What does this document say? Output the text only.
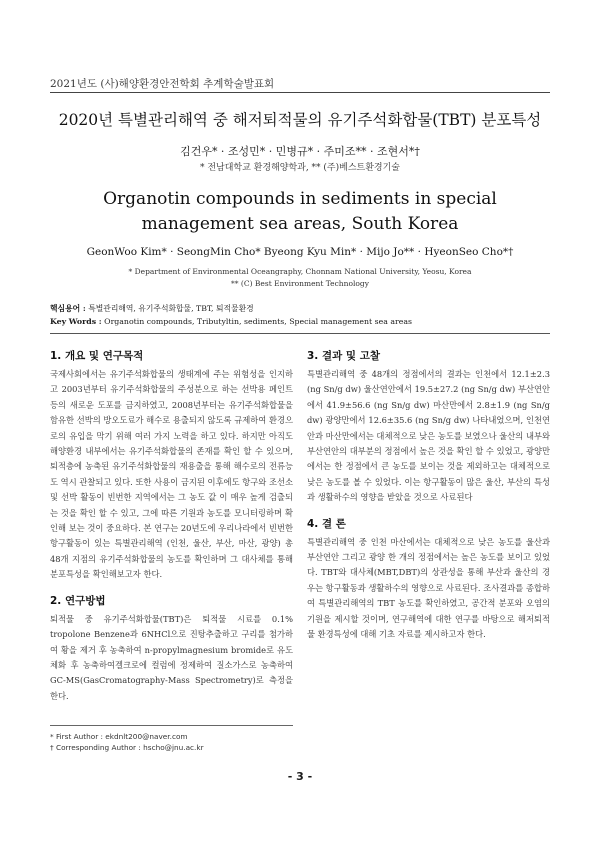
2021년도 (사)해양환경안전학회 추계학술발표회
2020년 특별관리해역 중 해저퇴적물의 유기주석화합물(TBT) 분포특성
김건우* · 조성민* · 민병규* · 주미조** · 조현서*†
* 전남대학교 환경해양학과, ** (주)베스트환경기술
Organotin compounds in sediments in special management sea areas, South Korea
GeonWoo Kim* · SeongMin Cho* Byeong Kyu Min* · Mijo Jo** · HyeonSeo Cho*†
* Department of Environmental Oceangraphy, Chonnam National University, Yeosu, Korea
** (C) Best Environment Technology
핵심용어 : 특별관리해역, 유기주석화합물, TBT, 퇴적물환경
Key Words : Organotin compounds, Tributyltin, sediments, Special management sea areas
1. 개요 및 연구목적

국제사회에서는 유기주석화합물의 생태계에 주는 위험성을 인지하고 2003년부터 유기주석화합물의 주성분으로 하는 선박용 페인트 등의 새로운 도포를 금지하였고, 2008년부터는 유기주석화합물을 함유한 선박의 방오도료가 해수로 용출되지 않도록 규제하여 환경으로의 유입을 막기 위해 여러 가지 노력을 하고 있다. 하지만 아직도 해양환경 내부에서는 유기주석화합물의 존재를 확인 할 수 있으며, 퇴적층에 농축된 유기주석화합물의 재용출을 통해 해수로의 전류능도 역시 관찰되고 있다. 또한 사용이 금지된 이후에도 항구와 조선소 및 선박 활동이 빈번한 지역에서는 그 농도 값 이 매우 높게 검출되는 것을 확인 할 수 있고, 그에 따른 기원과 농도를 모니터링하며 확인해 보는 것이 중요하다. 본 연구는 20년도에 우리나라에서 빈번한 항구활동이 있는 특별관리해역 (인천, 울산, 부산, 마산, 광양) 총 48개 지점의 유기주석화합물의 농도를 확인하며 그 대사체를 통해 분포특성을 확인해보고자 한다.

2. 연구방법

퇴적물 중 유기주석화합물(TBT)은 퇴적물 시료를 0.1% tropolone Benzene과 6NHCl으로 진탕추출하고 구리를 첨가하여 황을 제거 후 농축하여 n-propylmagnesium bromide로 유도체화 후 농축하여겔크로에 컬럼에 정제하여 질소가스로 농축하여 GC-MS(GasCromatography-Mass Spectrometry)로 측정을 한다.

3. 결과 및 고찰

특별관리해역 중 48개의 정점에서의 결과는 인천에서 12.1±2.3 (ng Sn/g dw) 울산연안에서 19.5±27.2 (ng Sn/g dw) 부산연안에서 41.9±56.6 (ng Sn/g dw) 마산만에서 2.8±1.9 (ng Sn/g dw) 광양만에서 12.6±35.6 (ng Sn/g dw) 나타내었으며, 인천연안과 마산만에서는 대체적으로 낮은 농도를 보였으나 울산의 내부와 부산연안의 대부분의 정점에서 높은 것을 확인 할 수 있었고, 광양만에서는 한 정점에서 큰 농도를 보이는 것을 제외하고는 대체적으로 낮은 농도를 볼 수 있었다. 이는 항구활동이 많은 울산, 부산의 특성과 생활하수의 영향을 받았을 것으로 사료된다

4. 결 론

특별관리해역 중 인천 마산에서는 대체적으로 낮은 농도를 울산과 부산연안 그리고 광양 한 개의 정점에서는 높은 농도를 보이고 있었다. TBT와 대사체(MBT,DBT)의 상관성을 통해 부산과 울산의 경우는 항구활동과 생활하수의 영향으로 사료된다. 조사결과를 종합하여 특별관리해역의 TBT 농도를 확인하였고, 공간적 분포와 오염의 기원을 제시할 것이며, 연구해역에 대한 연구를 바탕으로 해저퇴적물 환경특성에 대해 기초 자료를 제시하고자 한다.

* First Author : ekdnlt200@naver.com
† Corresponding Author : hscho@jnu.ac.kr
- 3 -
